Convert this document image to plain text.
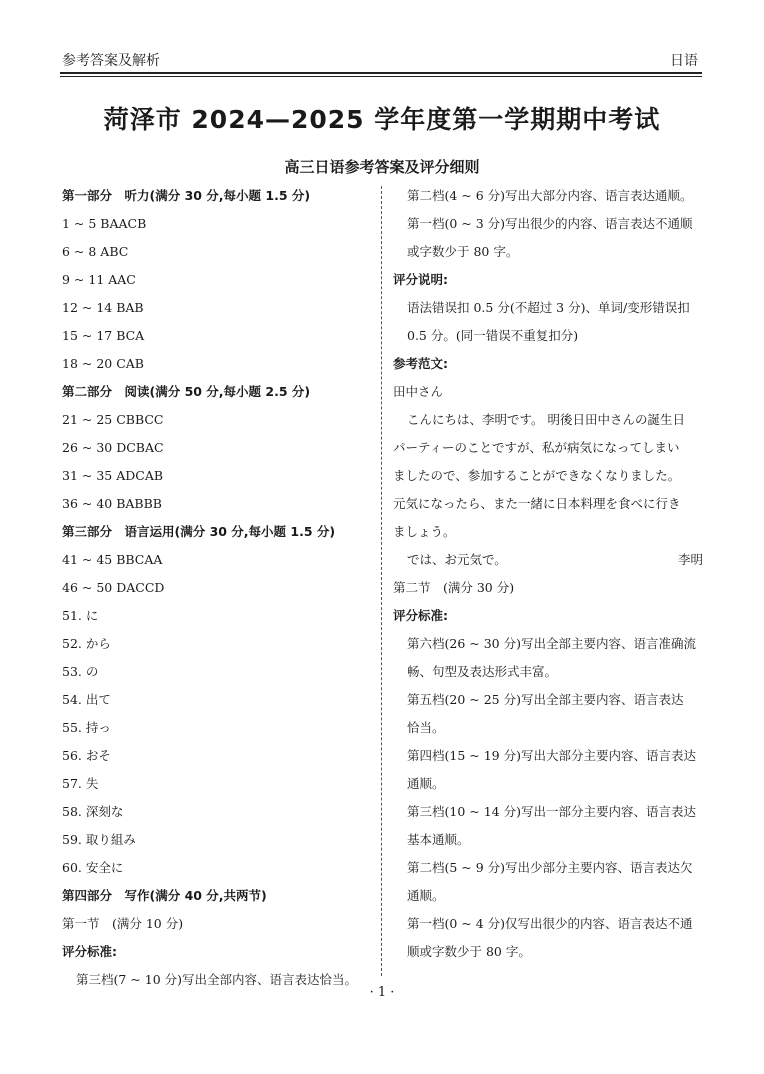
参考答案及解析	日语
菏泽市 2024—2025 学年度第一学期期中考试
高三日语参考答案及评分细则
第一部分　听力(满分 30 分,每小题 1.5 分)
1 ~ 5 BAACB
6 ~ 8 ABC
9 ~ 11 AAC
12 ~ 14 BAB
15 ~ 17 BCA
18 ~ 20 CAB
第二部分　阅读(满分 50 分,每小题 2.5 分)
21 ~ 25 CBBCC
26 ~ 30 DCBAC
31 ~ 35 ADCAB
36 ~ 40 BABBB
第三部分　语言运用(满分 30 分,每小题 1.5 分)
41 ~ 45 BBCAA
46 ~ 50 DACCD
51. に
52. から
53. の
54. 出て
55. 持っ
56. おそ
57. 失
58. 深刻な
59. 取り組み
60. 安全に
第四部分　写作(满分 40 分,共两节)
第一节　(满分 10 分)
评分标准:
第三档(7 ~ 10 分)写出全部内容、语言表达恰当。
第二档(4 ~ 6 分)写出大部分内容、语言表达通顺。
第一档(0 ~ 3 分)写出很少的内容、语言表达不通顺
或字数少于 80 字。
评分说明:
语法错误扣 0.5 分(不超过 3 分)、单词/变形错误扣
0.5 分。(同一错误不重复扣分)
参考范文:
田中さん
こんにちは、李明です。 明後日田中さんの誕生日
パーティーのことですが、私が病気になってしまい
ましたので、参加することができなくなりました。
元気になったら、また一緒に日本料理を食べに行き
ましょう。
では、お元気で。	李明
第二节　(满分 30 分)
评分标准:
第六档(26 ~ 30 分)写出全部主要内容、语言准确流
畅、句型及表达形式丰富。
第五档(20 ~ 25 分)写出全部主要内容、语言表达
恰当。
第四档(15 ~ 19 分)写出大部分主要内容、语言表达
通顺。
第三档(10 ~ 14 分)写出一部分主要内容、语言表达
基本通顺。
第二档(5 ~ 9 分)写出少部分主要内容、语言表达欠
通顺。
第一档(0 ~ 4 分)仅写出很少的内容、语言表达不通
顺或字数少于 80 字。
· 1 ·
